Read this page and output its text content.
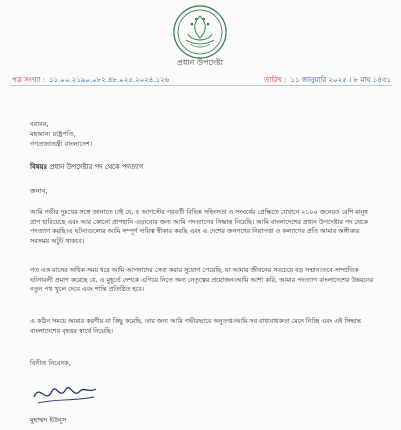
প্রধান উপদেষ্টা
পত্র সংখ্যা : ১১.০০.২১৯০.০৮২.৪৮.০২৫.২০২৪.১২৬	তারিখ : ১১ জানুয়ারি ২০২৫ । ৮ মাঘ ১৪৩১
বরাবর,
মহামান্য রাষ্ট্রপতি,
গণপ্রজাতন্ত্রী বাংলাদেশ।
বিষয়ঃ প্রধান উপদেষ্টার পদ থেকে পদত্যাগ
জনাব,
আমি গভীর দুঃখের সঙ্গে জানাতে চাই যে, ৫ আগস্টের পরবর্তী বিভিন্ন সহিংসতা ও সংঘর্ষের প্রেক্ষিতে যেখানে ২১০০ জনেরও বেশি মানুষ প্রাণ হারিয়েছে এবং আর কোনো প্রাণহানি এড়ানোর জন্য আমি পদত্যাগের সিদ্ধান্ত নিয়েছি। আমি বাংলাদেশের প্রধান উপদেষ্টার পদ থেকে পদত্যাগ করছি।এ ঘটনাগুলোর আমি সম্পূর্ণ দায়িত্ব স্বীকার করছি এবং এ দেশের জনগণের নিরাপত্তা ও কল্যাণের প্রতি আমার অঙ্গীকার সবসময় অটুট থাকবে।
গত এক মাসের অধিক সময় ধরে আমি আপনাদের সেবা করার সুযোগ পেয়েছি, যা আমার জীবনের সবচেয়ে বড় সম্মান।তবে সাম্প্রতিক ঘটনাবলী প্রমাণ করেছে যে, এ মুহূর্তে দেশকে এগিয়ে নিতে অন্য নেতৃত্বের প্রয়োজন।আমি আশা করি, আমার পদত্যাগ বাংলাদেশের উন্নয়নের নতুন পথ খুলে দেবে এবং শান্তি প্রতিষ্ঠিত হবে।
এ কঠিন সময়ে আমার করণীয় যা কিছু করেছি, তার জন্য আমি গভীরভাবে অনুতপ্ত।আমি সব বাধ্যবাধকতা মেনে নিচ্ছি এবং এই সিদ্ধান্ত বাংলাদেশের বৃহত্তর স্বার্থে নিয়েছি।
বিনীত নিবেদক,
মুহাম্মদ ইউনূস
